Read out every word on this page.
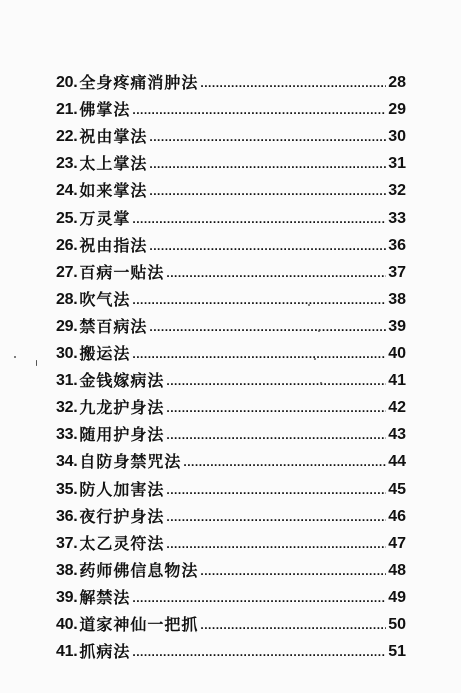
20. 全身疼痛消肿法 .....	28
21. 佛掌法 .....	29
22. 祝由掌法 .....	30
23. 太上掌法 .....	31
24. 如来掌法 .....	32
25. 万灵掌 .....	33
26. 祝由指法 .....	36
27. 百病一贴法 .....	37
28. 吹气法 .....	38
29. 禁百病法 .....	39
30. 搬运法 .....	40
31. 金钱嫁病法 .....	41
32. 九龙护身法 .....	42
33. 随用护身法 .....	43
34. 自防身禁咒法 .....	44
35. 防人加害法 .....	45
36. 夜行护身法 .....	46
37. 太乙灵符法 .....	47
38. 药师佛信息物法 .....	48
39. 解禁法 .....	49
40. 道家神仙一把抓 .....	50
41. 抓病法 .....	51
